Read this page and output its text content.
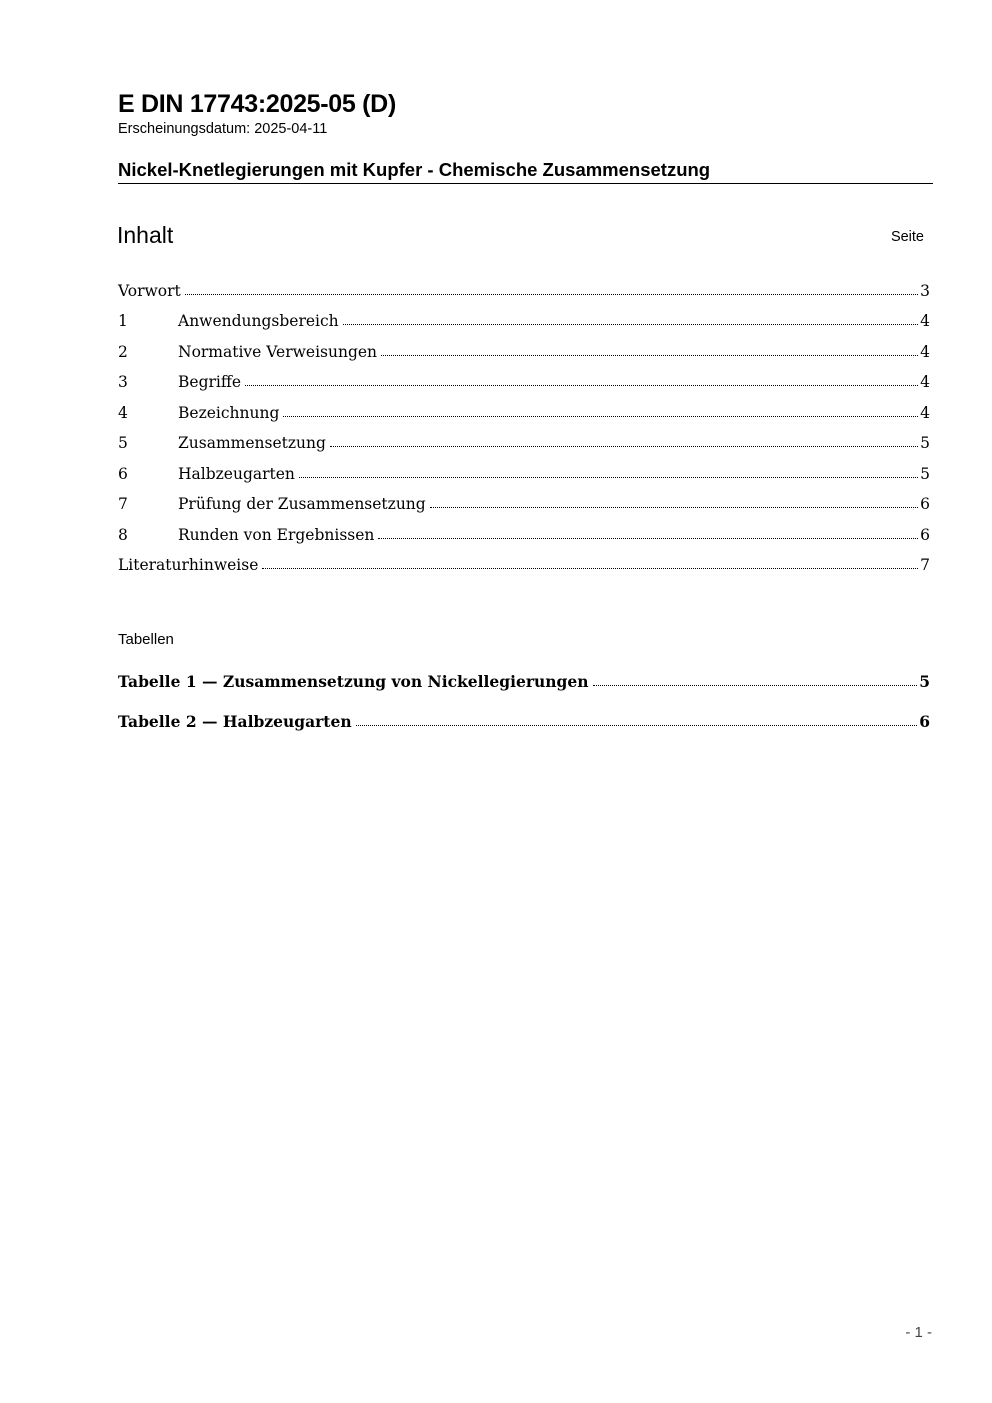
E DIN 17743:2025-05 (D)
Erscheinungsdatum: 2025-04-11
Nickel-Knetlegierungen mit Kupfer - Chemische Zusammensetzung
Inhalt	Seite
Vorwort	3
1	Anwendungsbereich	4
2	Normative Verweisungen	4
3	Begriffe	4
4	Bezeichnung	4
5	Zusammensetzung	5
6	Halbzeugarten	5
7	Prüfung der Zusammensetzung	6
8	Runden von Ergebnissen	6
Literaturhinweise	7
Tabellen
Tabelle 1 — Zusammensetzung von Nickellegierungen	5
Tabelle 2 — Halbzeugarten	6
- 1 -
